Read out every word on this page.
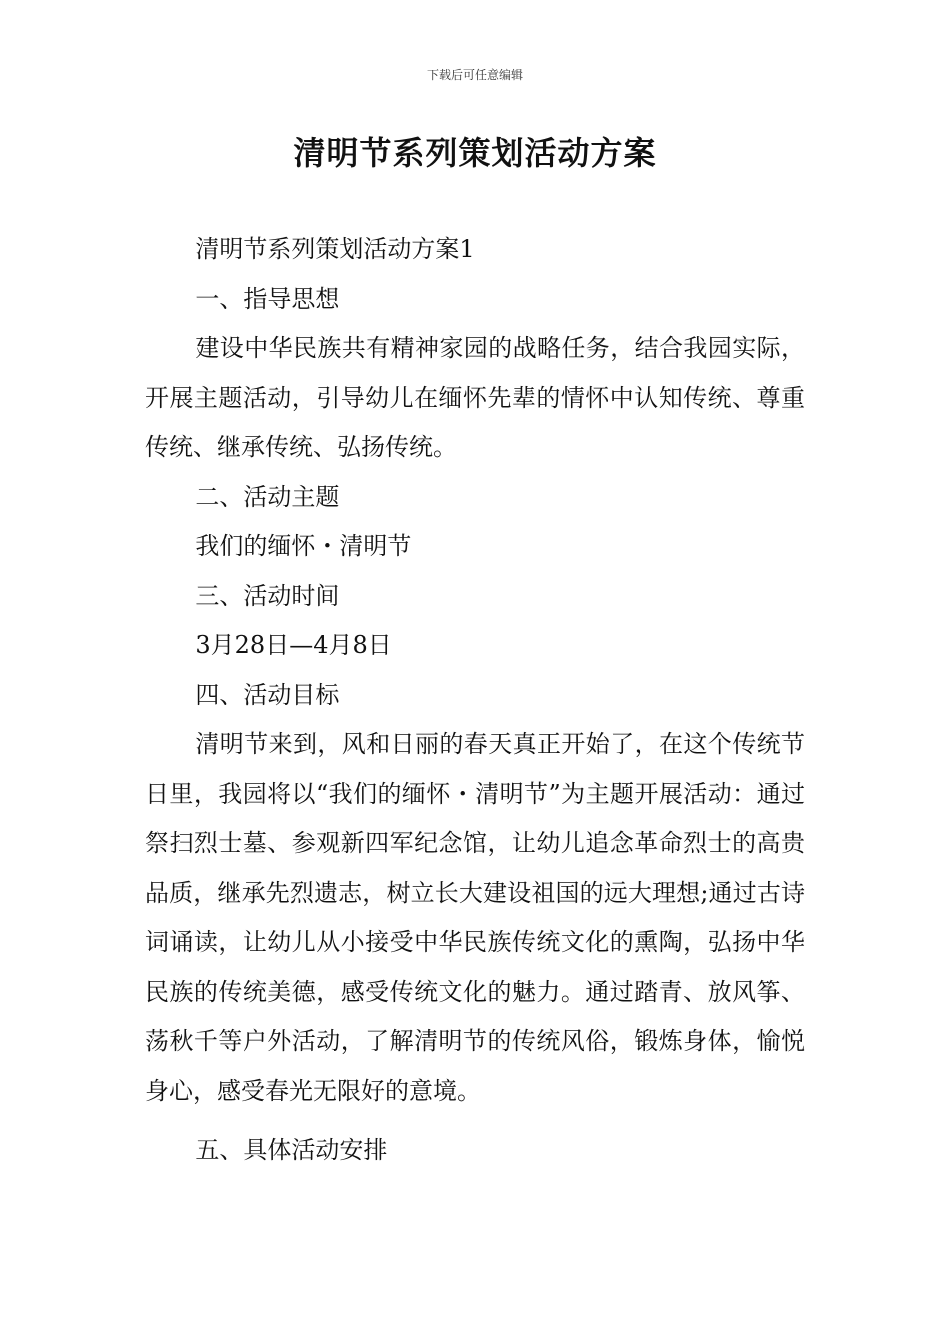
下载后可任意编辑
清明节系列策划活动方案

清明节系列策划活动方案1

一、指导思想

建设中华民族共有精神家园的战略任务，结合我园实际，开展主题活动，引导幼儿在缅怀先辈的情怀中认知传统、尊重传统、继承传统、弘扬传统。

二、活动主题

我们的缅怀・清明节

三、活动时间

3月28日—4月8日

四、活动目标

清明节来到，风和日丽的春天真正开始了，在这个传统节日里，我园将以“我们的缅怀・清明节”为主题开展活动：通过祭扫烈士墓、参观新四军纪念馆，让幼儿追念革命烈士的高贵品质，继承先烈遗志，树立长大建设祖国的远大理想;通过古诗词诵读，让幼儿从小接受中华民族传统文化的熏陶，弘扬中华民族的传统美德，感受传统文化的魅力。通过踏青、放风筝、荡秋千等户外活动，了解清明节的传统风俗，锻炼身体，愉悦身心，感受春光无限好的意境。

五、具体活动安排
